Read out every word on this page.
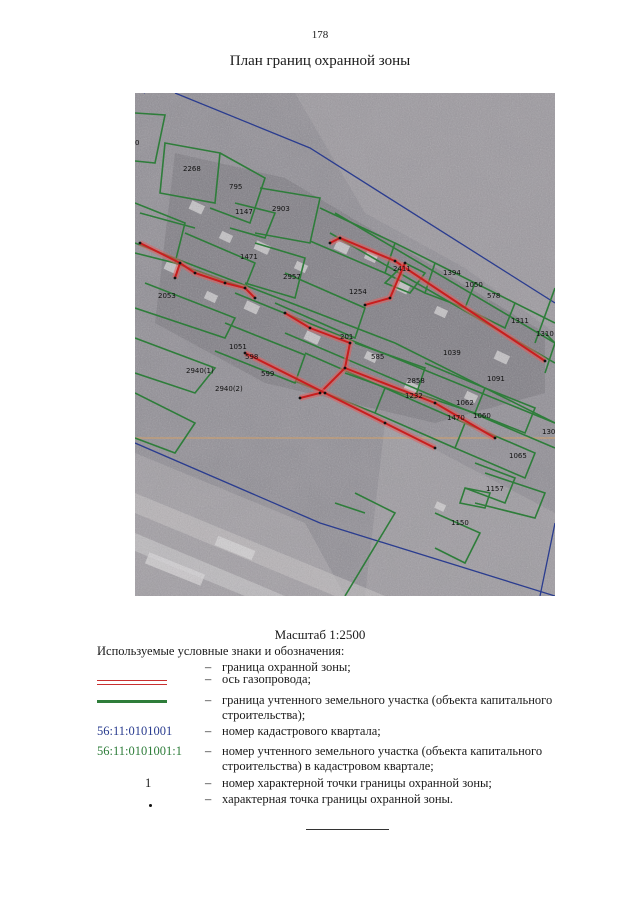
178
План границ охранной зоны
2268
795
1147	2903
1471
2957
2053
2411	1394
1050
578
1311
1310
1254
1051
598
201
585	1039
2940(1)	599
2940(2)
2858	1091
1232
1062
1470 1060
130
1065
1157
1150
0
Масштаб 1:2500
Используемые условные знаки и обозначения:
– граница охранной зоны;
– ось газопровода;
– граница учтенного земельного участка (объекта капитального строительства);
56:11:0101001	– номер кадастрового квартала;
56:11:0101001:1	– номер учтенного земельного участка (объекта капитального строительства) в кадастровом квартале;
1	– номер характерной точки границы охранной зоны;
– характерная точка границы охранной зоны.
